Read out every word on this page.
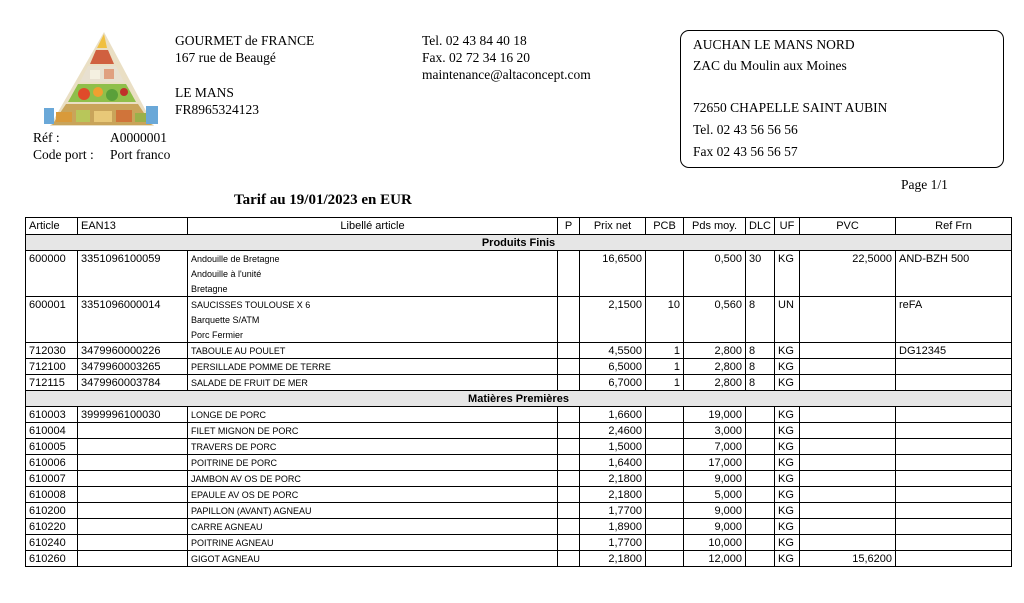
GOURMET de FRANCE
167 rue de Beaugé
LE MANS
FR8965324123
Tel. 02 43 84 40 18
Fax. 02 72 34 16 20
maintenance@altaconcept.com
Réf :	A0000001
Code port : Port franco
AUCHAN LE MANS NORD
ZAC du Moulin aux Moines
72650 CHAPELLE SAINT AUBIN
Tel. 02 43 56 56 56
Fax 02 43 56 56 57
Page 1/1
Tarif au 19/01/2023 en EUR
Article	EAN13	Libellé article	P	Prix net	PCB	Pds moy.	DLC	UF	PVC	Ref Frn
Produits Finis										
600000	3351096100059	Andouille de Bretagne		16,6500		0,500	30	KG	22,5000	AND-BZH 500
		Andouille à l'unité								
		Bretagne								
600001	3351096000014	SAUCISSES TOULOUSE X 6		2,1500	10	0,560	8	UN		reFA
		Barquette S/ATM								
		Porc Fermier								
712030	3479960000226	TABOULE AU POULET		4,5500	1	2,800	8	KG		DG12345
712100	3479960003265	PERSILLADE POMME DE TERRE		6,5000	1	2,800	8	KG		
712115	3479960003784	SALADE DE FRUIT DE MER		6,7000	1	2,800	8	KG		
Matières Premières										
610003	3999996100030	LONGE DE PORC		1,6600		19,000		KG		
610004		FILET MIGNON DE PORC		2,4600		3,000		KG		
610005		TRAVERS DE PORC		1,5000		7,000		KG		
610006		POITRINE DE PORC		1,6400		17,000		KG		
610007		JAMBON AV OS DE PORC		2,1800		9,000		KG		
610008		EPAULE AV OS DE PORC		2,1800		5,000		KG		
610200		PAPILLON (AVANT) AGNEAU		1,7700		9,000		KG		
610220		CARRE AGNEAU		1,8900		9,000		KG		
610240		POITRINE AGNEAU		1,7700		10,000		KG		
610260		GIGOT AGNEAU		2,1800		12,000		KG	15,6200	
